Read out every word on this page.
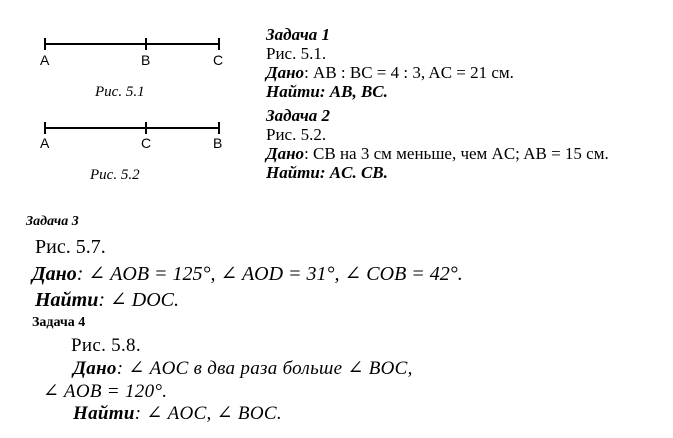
A	B	C
Рис. 5.1
A	C	B
Рис. 5.2
Задача 1
Рис. 5.1.
Дано: AB : BC = 4 : 3, AC = 21 см.
Найти: AB, BC.
Задача 2
Рис. 5.2.
Дано: CB на 3 см меньше, чем AC; AB = 15 см.
Найти: AC. CB.
Задача 3
Рис. 5.7.
Дано: ∠ AOB = 125°, ∠ AOD = 31°, ∠ COB = 42°.
Найти: ∠ DOC.
Задача 4
Рис. 5.8.
Дано: ∠ AOC в два раза больше ∠ BOC,
∠ AOB = 120°.
Найти: ∠ AOC, ∠ BOC.
